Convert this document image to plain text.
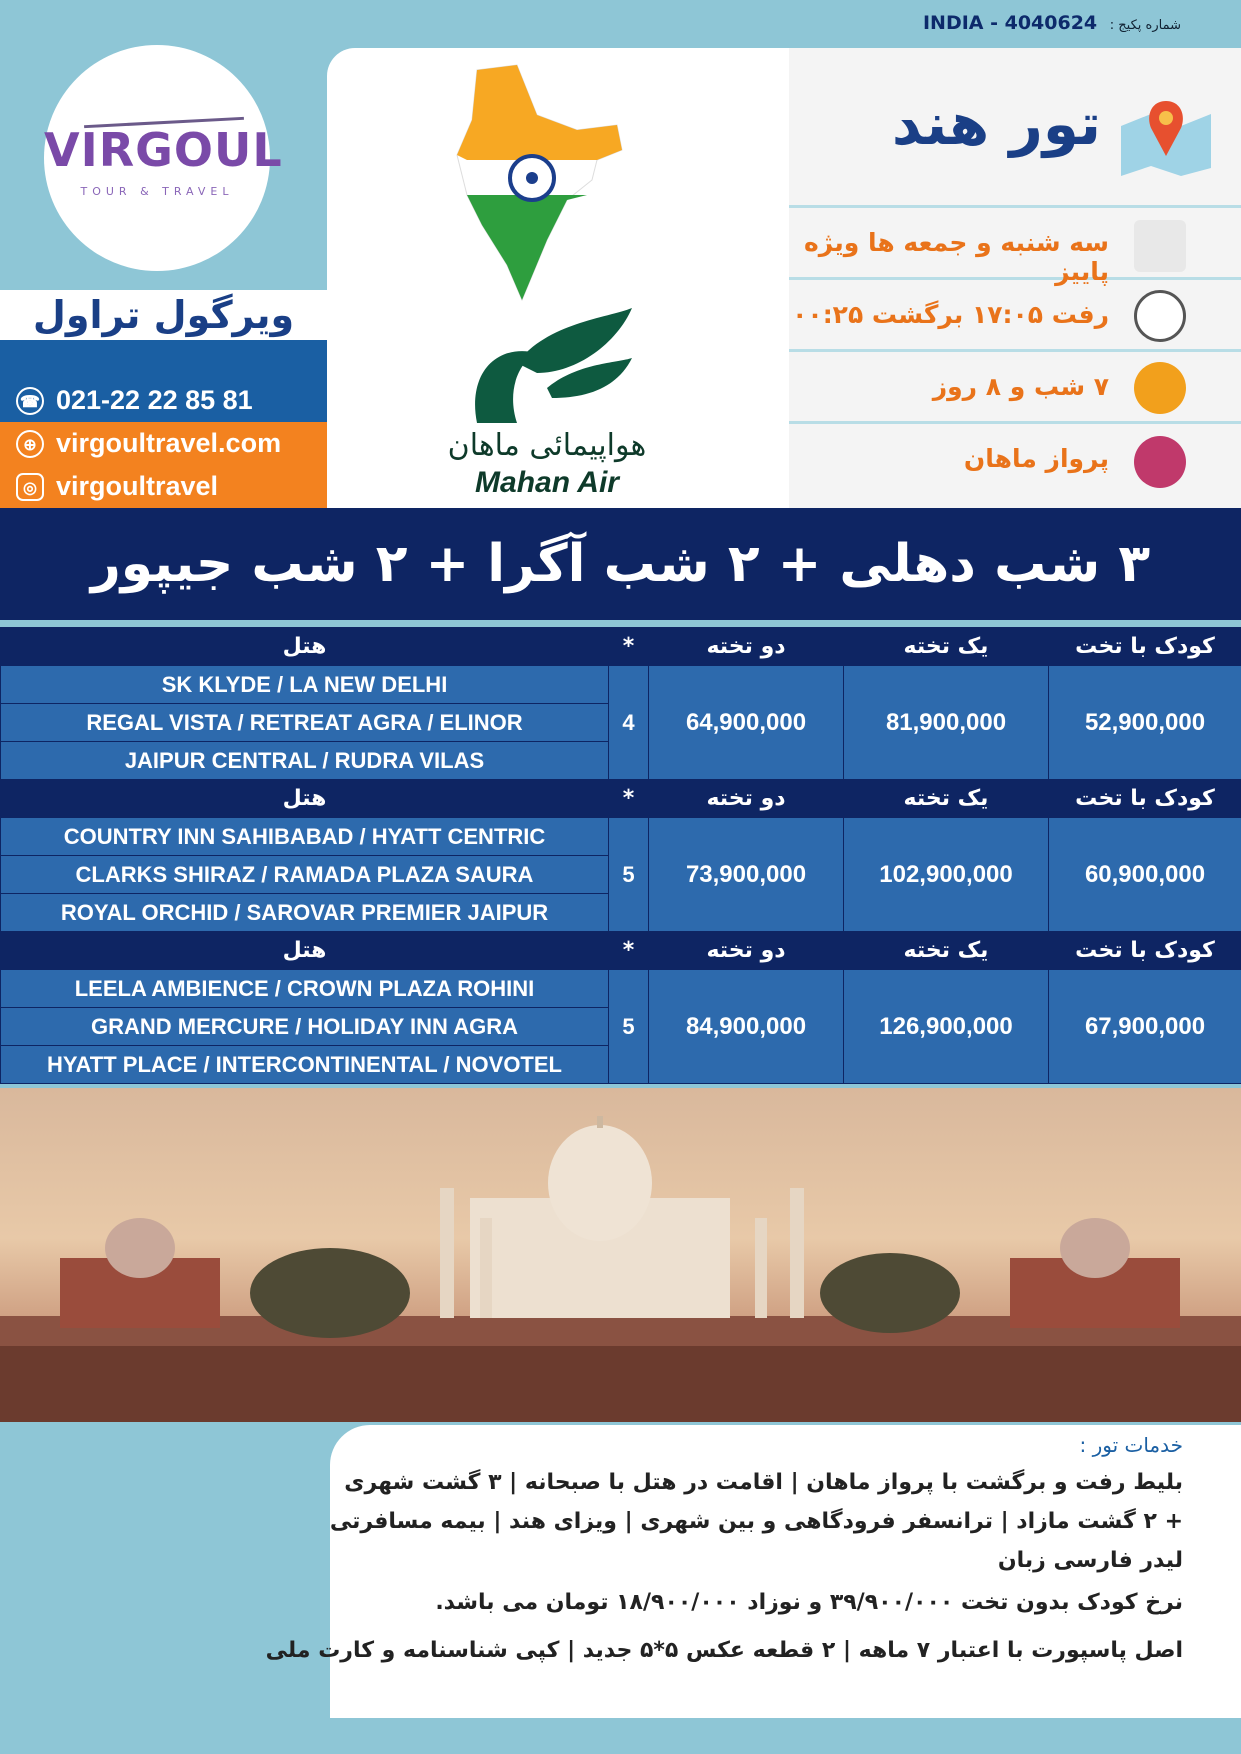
شماره پکیج : INDIA - 4040624
VIRGOUL
TOUR & TRAVEL
ویرگول تراول
☎ 021-22 22 85 81
⊕ virgoultravel.com
◎ virgoultravel
هواپیمائی ماهان
Mahan Air
تور هند
سه شنبه و جمعه ها ویژه پاییز
رفت ۱۷:۰۵ برگشت ۰۰:۲۵
۷ شب و ۸ روز
پرواز ماهان
۳ شب دهلی + ۲ شب آگرا + ۲ شب جیپور
هتل	*	دو تخته	یک تخته	کودک با تخت
SK KLYDE / LA NEW DELHI	4	64,900,000	81,900,000	52,900,000
REGAL VISTA / RETREAT AGRA / ELINOR				
JAIPUR CENTRAL / RUDRA VILAS				
هتل	*	دو تخته	یک تخته	کودک با تخت
COUNTRY INN SAHIBABAD / HYATT CENTRIC	5	73,900,000	102,900,000	60,900,000
CLARKS SHIRAZ / RAMADA PLAZA SAURA				
ROYAL ORCHID / SAROVAR PREMIER JAIPUR				
هتل	*	دو تخته	یک تخته	کودک با تخت
LEELA AMBIENCE / CROWN PLAZA ROHINI	5	84,900,000	126,900,000	67,900,000
GRAND MERCURE / HOLIDAY INN AGRA				
HYATT PLACE / INTERCONTINENTAL / NOVOTEL				
خدمات تور :
بلیط رفت و برگشت با پرواز ماهان | اقامت در هتل با صبحانه | ۳ گشت شهری
+ ۲ گشت مازاد | ترانسفر فرودگاهی و بین شهری | ویزای هند | بیمه مسافرتی
لیدر فارسی زبان
نرخ کودک بدون تخت ۳۹/۹۰۰/۰۰۰ و نوزاد ۱۸/۹۰۰/۰۰۰ تومان می باشد.
اصل پاسپورت با اعتبار ۷ ماهه | ۲ قطعه عکس ۵*۵ جدید | کپی شناسنامه و کارت ملی
